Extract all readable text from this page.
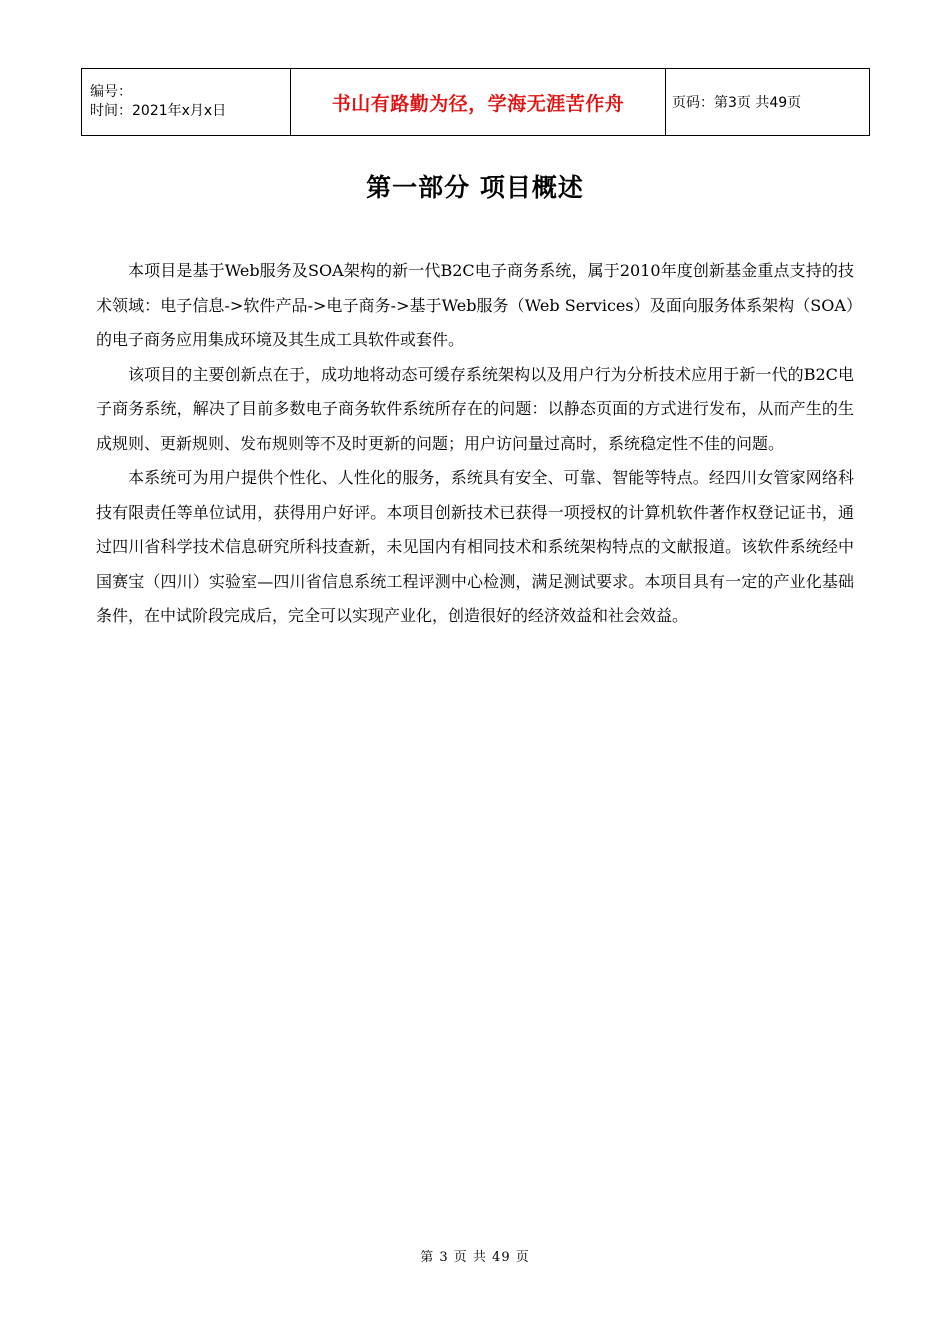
编号：
时间：2021年x月x日	书山有路勤为径，学海无涯苦作舟	页码：第3页 共49页
第一部分 项目概述

本项目是基于Web服务及SOA架构的新一代B2C电子商务系统，属于2010年度创新基金重点支持的技术领域：电子信息->软件产品->电子商务->基于Web服务（Web Services）及面向服务体系架构（SOA）的电子商务应用集成环境及其生成工具软件或套件。

该项目的主要创新点在于，成功地将动态可缓存系统架构以及用户行为分析技术应用于新一代的B2C电子商务系统，解决了目前多数电子商务软件系统所存在的问题：以静态页面的方式进行发布，从而产生的生成规则、更新规则、发布规则等不及时更新的问题；用户访问量过高时，系统稳定性不佳的问题。

本系统可为用户提供个性化、人性化的服务，系统具有安全、可靠、智能等特点。经四川女管家网络科技有限责任等单位试用，获得用户好评。本项目创新技术已获得一项授权的计算机软件著作权登记证书，通过四川省科学技术信息研究所科技查新，未见国内有相同技术和系统架构特点的文献报道。该软件系统经中国赛宝（四川）实验室—四川省信息系统工程评测中心检测，满足测试要求。本项目具有一定的产业化基础条件，在中试阶段完成后，完全可以实现产业化，创造很好的经济效益和社会效益。

第 3 页 共 49 页
